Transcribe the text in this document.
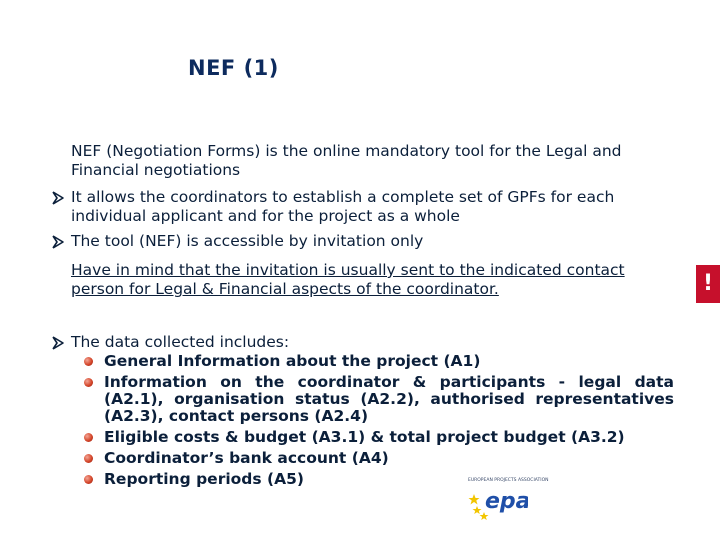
NEF (1)
NEF (Negotiation Forms) is the online mandatory tool for the Legal and Financial negotiations
It allows the coordinators to establish a complete set of GPFs for each individual applicant and for the project as a whole
The tool (NEF) is accessible by invitation only
Have in mind that the invitation is usually sent to the indicated contact person for Legal & Financial aspects of the coordinator.	!
The data collected includes:
General Information about the project (A1)
Information on the coordinator & participants - legal data (A2.1), organisation status (A2.2), authorised representatives (A2.3), contact persons (A2.4)
Eligible costs & budget (A3.1) & total project budget (A3.2)
Coordinator’s bank account (A4)
Reporting periods (A5)	EUROPEAN PROJECTS ASSOCIATION
epa
